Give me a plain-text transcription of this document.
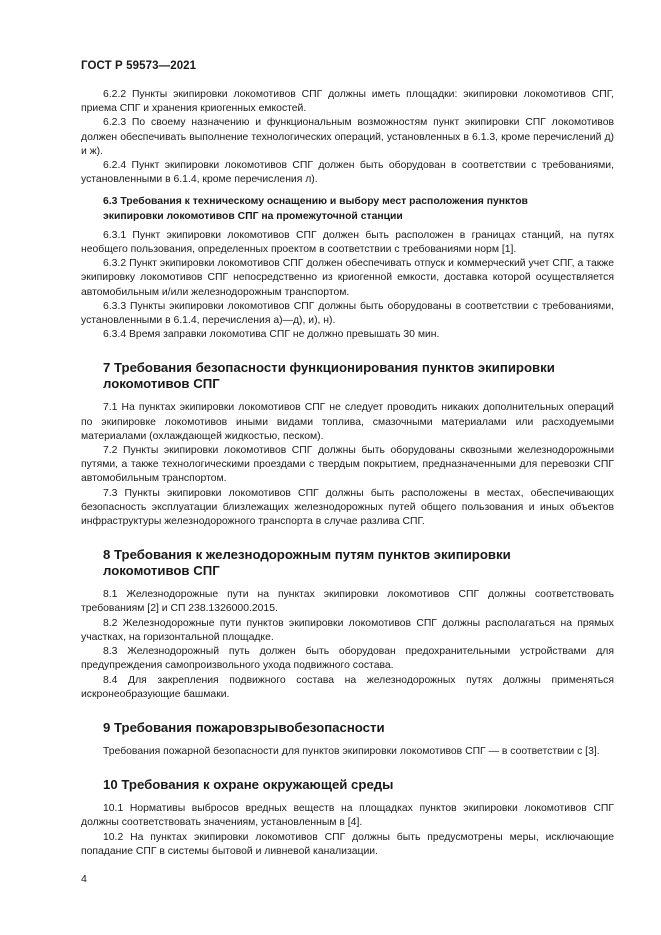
ГОСТ Р 59573—2021

6.2.2 Пункты экипировки локомотивов СПГ должны иметь площадки: экипировки локомотивов СПГ, приема СПГ и хранения криогенных емкостей.

6.2.3 По своему назначению и функциональным возможностям пункт экипировки СПГ локомотивов должен обеспечивать выполнение технологических операций, установленных в 6.1.3, кроме перечислений д) и ж).

6.2.4 Пункт экипировки локомотивов СПГ должен быть оборудован в соответствии с требованиями, установленными в 6.1.4, кроме перечисления л).

6.3 Требования к техническому оснащению и выбору мест расположения пунктов
экипировки локомотивов СПГ на промежуточной станции

6.3.1 Пункт экипировки локомотивов СПГ должен быть расположен в границах станций, на путях необщего пользования, определенных проектом в соответствии с требованиями норм [1].

6.3.2 Пункт экипировки локомотивов СПГ должен обеспечивать отпуск и коммерческий учет СПГ, а также экипировку локомотивов СПГ непосредственно из криогенной емкости, доставка которой осуществляется автомобильным и/или железнодорожным транспортом.

6.3.3 Пункты экипировки локомотивов СПГ должны быть оборудованы в соответствии с требованиями, установленными в 6.1.4, перечисления а)—д), и), н).

6.3.4 Время заправки локомотива СПГ не должно превышать 30 мин.

7 Требования безопасности функционирования пунктов экипировки
локомотивов СПГ

7.1 На пунктах экипировки локомотивов СПГ не следует проводить никаких дополнительных операций по экипировке локомотивов иными видами топлива, смазочными материалами или расходуемыми материалами (охлаждающей жидкостью, песком).

7.2 Пункты экипировки локомотивов СПГ должны быть оборудованы сквозными железнодорожными путями, а также технологическими проездами с твердым покрытием, предназначенными для перевозки СПГ автомобильным транспортом.

7.3 Пункты экипировки локомотивов СПГ должны быть расположены в местах, обеспечивающих безопасность эксплуатации близлежащих железнодорожных путей общего пользования и иных объектов инфраструктуры железнодорожного транспорта в случае разлива СПГ.

8 Требования к железнодорожным путям пунктов экипировки
локомотивов СПГ

8.1 Железнодорожные пути на пунктах экипировки локомотивов СПГ должны соответствовать требованиям [2] и СП 238.1326000.2015.

8.2 Железнодорожные пути пунктов экипировки локомотивов СПГ должны располагаться на прямых участках, на горизонтальной площадке.

8.3 Железнодорожный путь должен быть оборудован предохранительными устройствами для предупреждения самопроизвольного ухода подвижного состава.

8.4 Для закрепления подвижного состава на железнодорожных путях должны применяться искронеобразующие башмаки.

9 Требования пожаровзрывобезопасности

Требования пожарной безопасности для пунктов экипировки локомотивов СПГ — в соответствии с [3].

10 Требования к охране окружающей среды

10.1 Нормативы выбросов вредных веществ на площадках пунктов экипировки локомотивов СПГ должны соответствовать значениям, установленным в [4].

10.2 На пунктах экипировки локомотивов СПГ должны быть предусмотрены меры, исключающие попадание СПГ в системы бытовой и ливневой канализации.

4
